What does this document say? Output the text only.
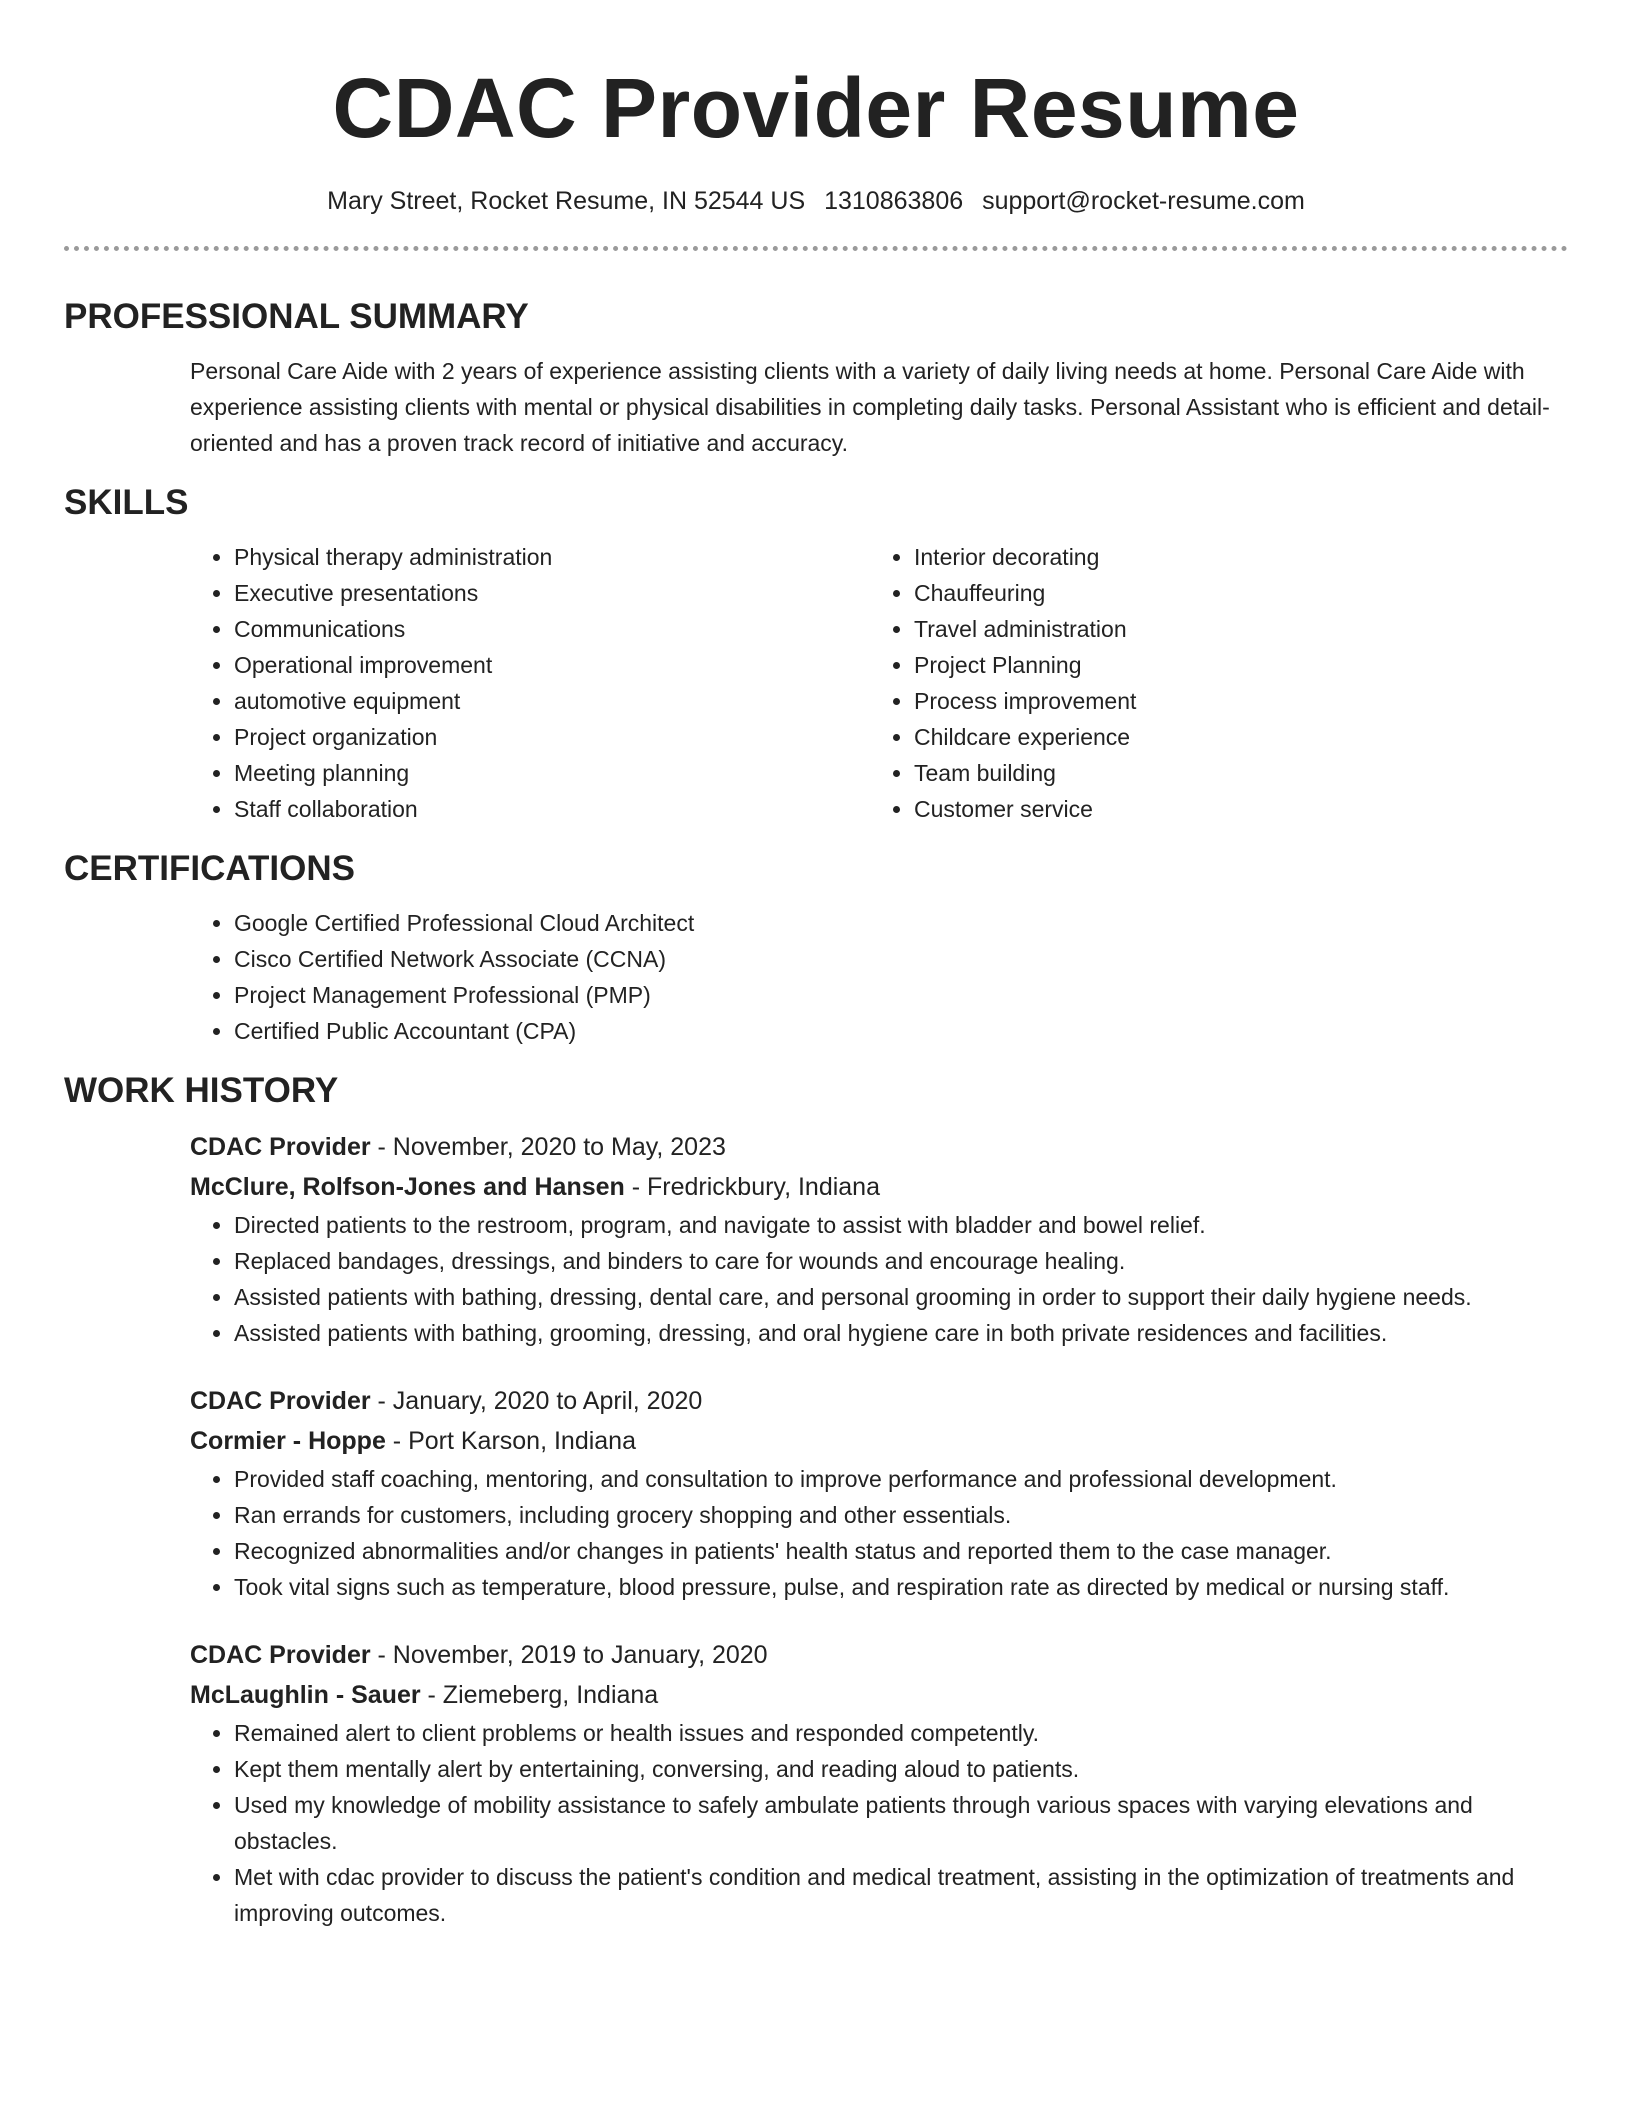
CDAC Provider Resume
Mary Street, Rocket Resume, IN 52544 US 1310863806 support@rocket-resume.com
PROFESSIONAL SUMMARY

Personal Care Aide with 2 years of experience assisting clients with a variety of daily living needs at home. Personal Care Aide with experience assisting clients with mental or physical disabilities in completing daily tasks. Personal Assistant who is efficient and detail-oriented and has a proven track record of initiative and accuracy.

SKILLS
• Physical therapy administration
• Executive presentations
• Communications
• Operational improvement
• automotive equipment
• Project organization
• Meeting planning
• Staff collaboration
• Interior decorating
• Chauffeuring
• Travel administration
• Project Planning
• Process improvement
• Childcare experience
• Team building
• Customer service
CERTIFICATIONS
• Google Certified Professional Cloud Architect
• Cisco Certified Network Associate (CCNA)
• Project Management Professional (PMP)
• Certified Public Accountant (CPA)
WORK HISTORY
CDAC Provider - November, 2020 to May, 2023
McClure, Rolfson-Jones and Hansen - Fredrickbury, Indiana
• Directed patients to the restroom, program, and navigate to assist with bladder and bowel relief.
• Replaced bandages, dressings, and binders to care for wounds and encourage healing.
• Assisted patients with bathing, dressing, dental care, and personal grooming in order to support their daily hygiene needs.
• Assisted patients with bathing, grooming, dressing, and oral hygiene care in both private residences and facilities.
CDAC Provider - January, 2020 to April, 2020
Cormier - Hoppe - Port Karson, Indiana
• Provided staff coaching, mentoring, and consultation to improve performance and professional development.
• Ran errands for customers, including grocery shopping and other essentials.
• Recognized abnormalities and/or changes in patients' health status and reported them to the case manager.
• Took vital signs such as temperature, blood pressure, pulse, and respiration rate as directed by medical or nursing staff.
CDAC Provider - November, 2019 to January, 2020
McLaughlin - Sauer - Ziemeberg, Indiana
• Remained alert to client problems or health issues and responded competently.
• Kept them mentally alert by entertaining, conversing, and reading aloud to patients.
• Used my knowledge of mobility assistance to safely ambulate patients through various spaces with varying elevations and obstacles.
• Met with cdac provider to discuss the patient's condition and medical treatment, assisting in the optimization of treatments and improving outcomes.
